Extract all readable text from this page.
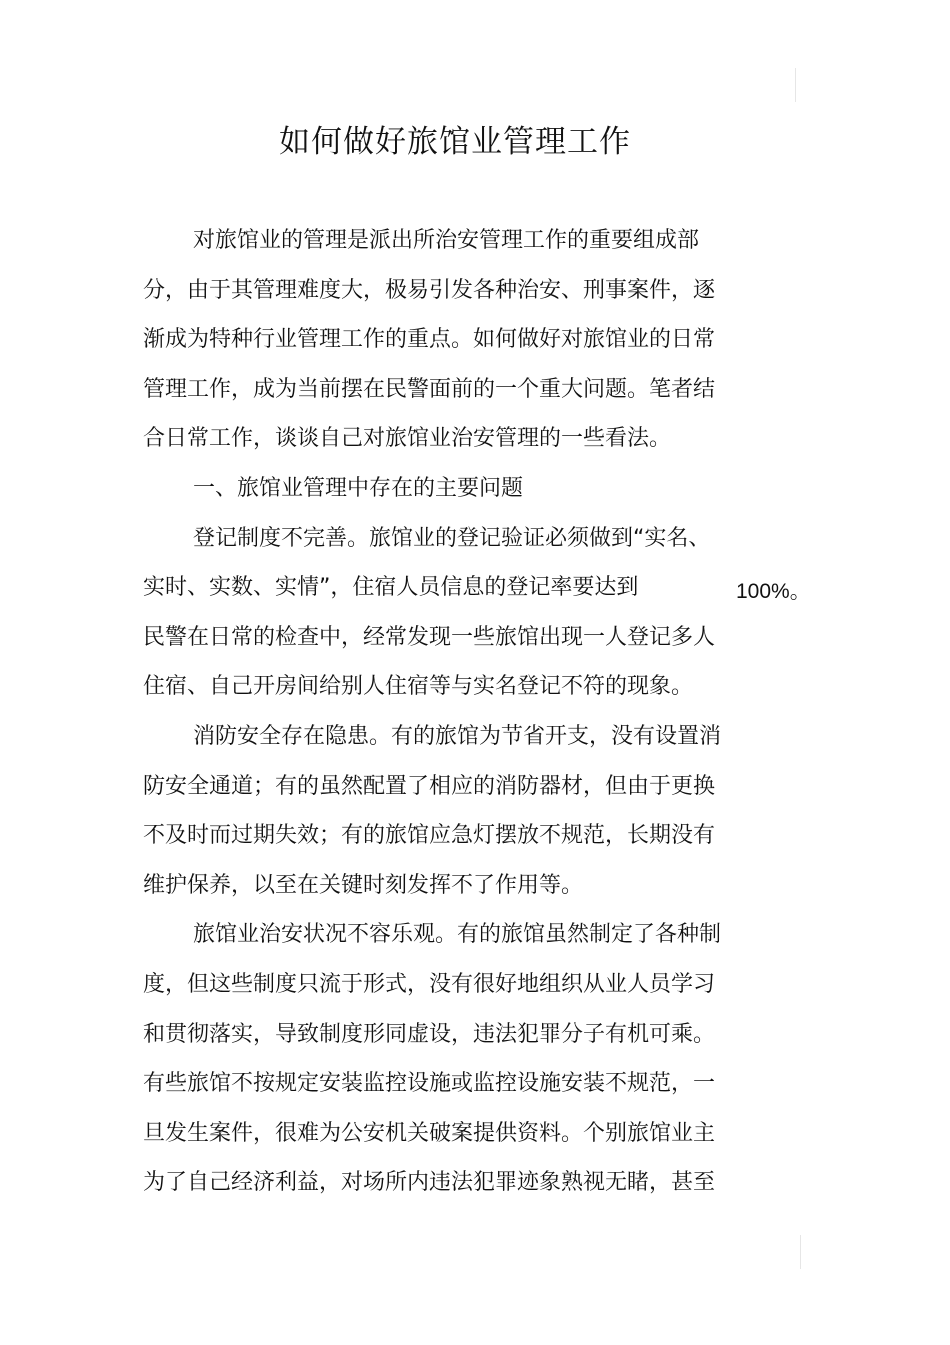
如何做好旅馆业管理工作

对旅馆业的管理是派出所治安管理工作的重要组成部

分，由于其管理难度大，极易引发各种治安、刑事案件，逐

渐成为特种行业管理工作的重点。如何做好对旅馆业的日常

管理工作，成为当前摆在民警面前的一个重大问题。笔者结

合日常工作，谈谈自己对旅馆业治安管理的一些看法。

一、旅馆业管理中存在的主要问题

登记制度不完善。旅馆业的登记验证必须做到“实名、

实时、实数、实情”，住宿人员信息的登记率要达到

民警在日常的检查中，经常发现一些旅馆出现一人登记多人

住宿、自己开房间给别人住宿等与实名登记不符的现象。

消防安全存在隐患。有的旅馆为节省开支，没有设置消

防安全通道；有的虽然配置了相应的消防器材，但由于更换

不及时而过期失效；有的旅馆应急灯摆放不规范，长期没有

维护保养，以至在关键时刻发挥不了作用等。

旅馆业治安状况不容乐观。有的旅馆虽然制定了各种制

度，但这些制度只流于形式，没有很好地组织从业人员学习

和贯彻落实，导致制度形同虚设，违法犯罪分子有机可乘。

有些旅馆不按规定安装监控设施或监控设施安装不规范，一

旦发生案件，很难为公安机关破案提供资料。个别旅馆业主

为了自己经济利益，对场所内违法犯罪迹象熟视无睹，甚至

100%。
